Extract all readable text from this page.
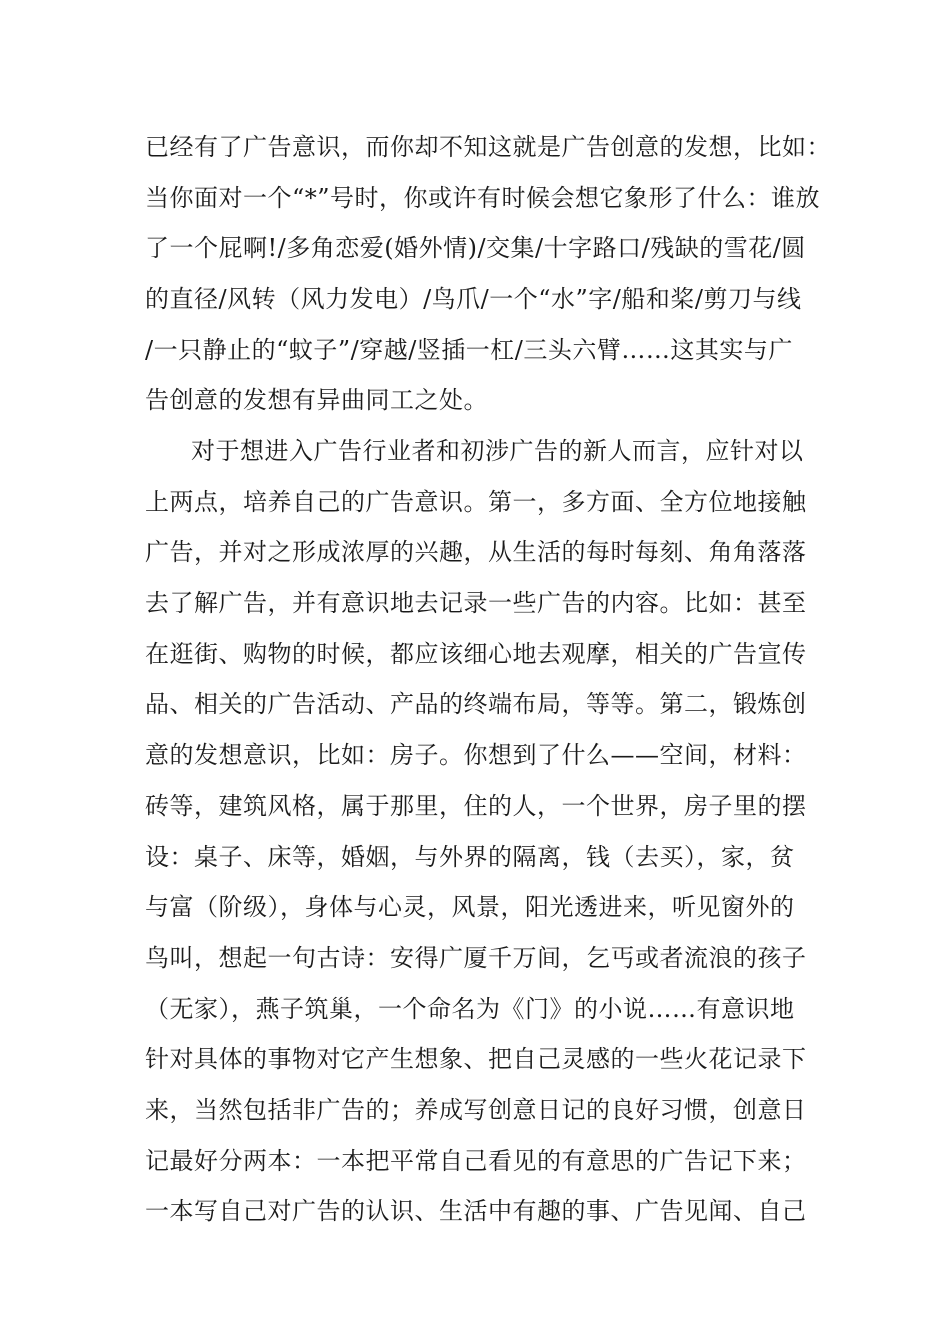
已经有了广告意识，而你却不知这就是广告创意的发想，比如：
当你面对一个“*”号时，你或许有时候会想它象形了什么：谁放
了一个屁啊!/多角恋爱(婚外情)/交集/十字路口/残缺的雪花/圆
的直径/风转（风力发电）/鸟爪/一个“水”字/船和桨/剪刀与线
/一只静止的“蚊子”/穿越/竖插一杠/三头六臂……这其实与广
告创意的发想有异曲同工之处。
对于想进入广告行业者和初涉广告的新人而言，应针对以
上两点，培养自己的广告意识。第一，多方面、全方位地接触
广告，并对之形成浓厚的兴趣，从生活的每时每刻、角角落落
去了解广告，并有意识地去记录一些广告的内容。比如：甚至
在逛街、购物的时候，都应该细心地去观摩，相关的广告宣传
品、相关的广告活动、产品的终端布局，等等。第二，锻炼创
意的发想意识，比如：房子。你想到了什么——空间，材料：
砖等，建筑风格，属于那里，住的人，一个世界，房子里的摆
设：桌子、床等，婚姻，与外界的隔离，钱（去买），家，贫
与富（阶级），身体与心灵，风景，阳光透进来，听见窗外的
鸟叫，想起一句古诗：安得广厦千万间，乞丐或者流浪的孩子
（无家），燕子筑巢，一个命名为《门》的小说……有意识地
针对具体的事物对它产生想象、把自己灵感的一些火花记录下
来，当然包括非广告的；养成写创意日记的良好习惯，创意日
记最好分两本：一本把平常自己看见的有意思的广告记下来；
一本写自己对广告的认识、生活中有趣的事、广告见闻、自己
